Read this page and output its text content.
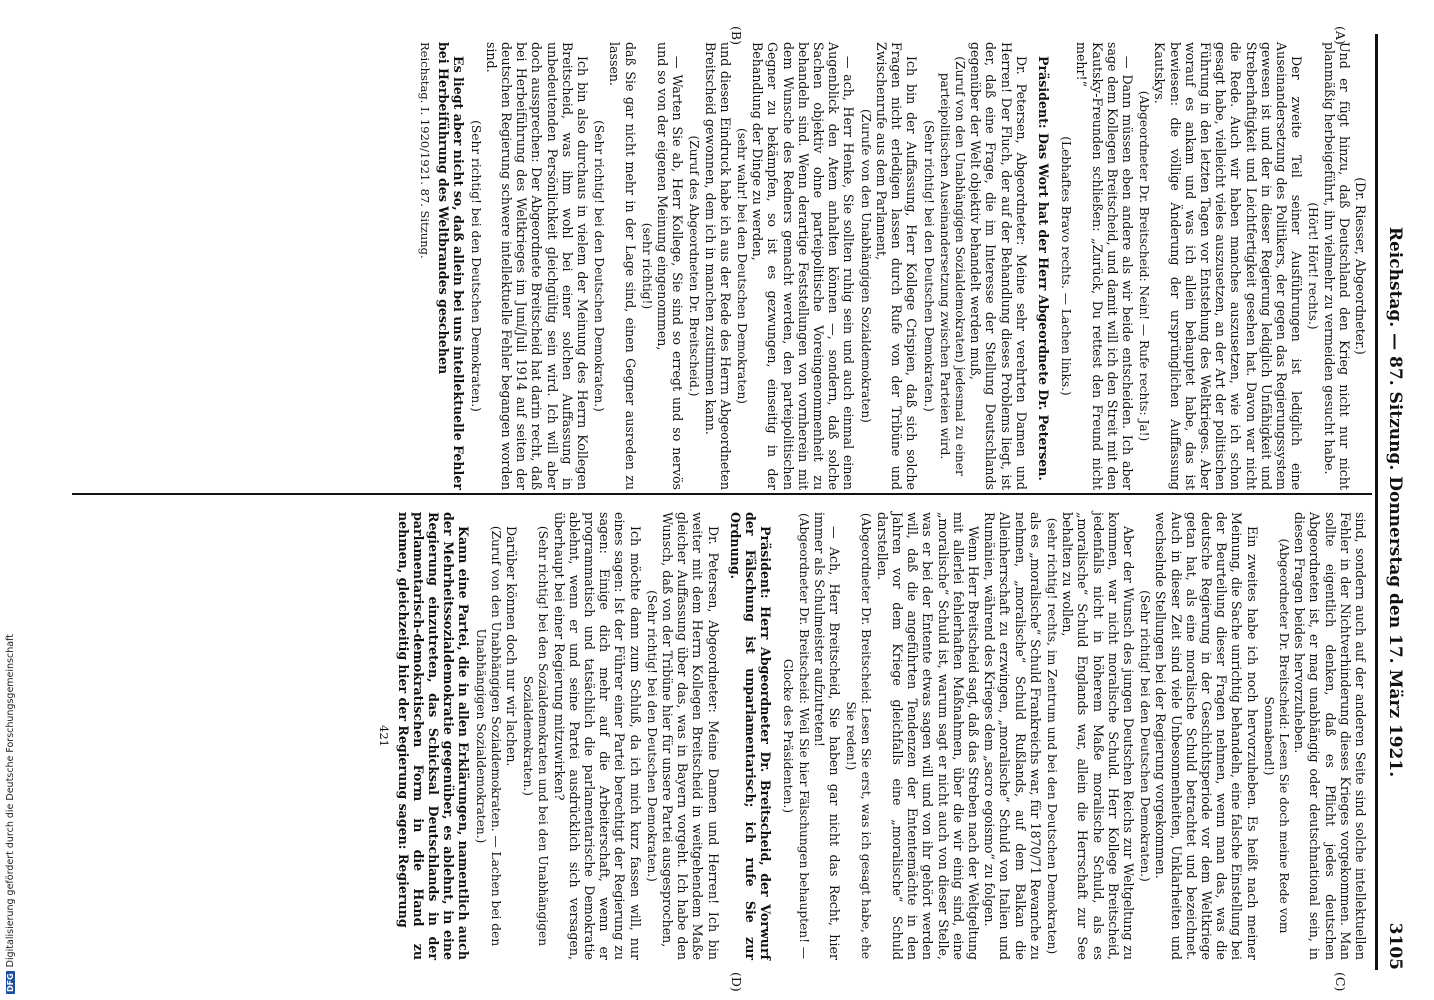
Reichstag. — 87. Sitzung. Donnerstag den 17. März 1921.
3105
(A)
(B)
(C)
(D)

(Dr. Riesser, Abgeordneter.)

Und er fügt hinzu, daß Deutschland den Krieg nicht nur nicht planmäßig herbeigeführt, ihn vielmehr zu vermeiden gesucht habe.

(Hört! Hört! rechts.)

Der zweite Teil seiner Ausführungen ist lediglich eine Auseinandersetzung des Politikers, der gegen das Regierungssystem gewesen ist und der in dieser Regierung lediglich Unfähigkeit und Streberhaftigkeit und Leichtfertigkeit gesehen hat. Davon war nicht die Rede. Auch wir haben manches auszusetzen, wie ich schon gesagt habe, vielleicht vieles auszusetzen, an der Art der politischen Führung in den letzten Tagen vor Entstehung des Weltkrieges. Aber worauf es ankam und was ich allein behauptet habe, das ist bewiesen: die völlige Änderung der ursprünglichen Auffassung Kautskys.

(Abgeordneter Dr. Breitscheid: Nein! — Rufe rechts: Ja!)

— Dann müssen eben andere als wir beide entscheiden. Ich aber sage dem Kollegen Breitscheid, und damit will ich den Streit mit den Kautsky-Freunden schließen: „Zurück, Du rettest den Freund nicht mehr!“

(Lebhaftes Bravo rechts. — Lachen links.)

Präsident: Das Wort hat der Herr Abgeordnete Dr. Petersen.

Dr. Petersen, Abgeordneter: Meine sehr verehrten Damen und Herren! Der Fluch, der auf der Behandlung dieses Problems liegt, ist der, daß eine Frage, die im Interesse der Stellung Deutschlands gegenüber der Welt objektiv behandelt werden muß,

(Zuruf von den Unabhängigen Sozialdemokraten) jedesmal zu einer parteipolitischen Auseinandersetzung zwischen Parteien wird.

(Sehr richtig! bei den Deutschen Demokraten.)

Ich bin der Auffassung, Herr Kollege Crispien, daß sich solche Fragen nicht erledigen lassen durch Rufe von der Tribüne und Zwischenrufe aus dem Parlament,

(Zurufe von den Unabhängigen Sozialdemokraten)

— ach, Herr Henke, Sie sollten ruhig sein und auch einmal einen Augenblick den Atem anhalten können —, sondern, daß solche Sachen objektiv ohne parteipolitische Voreingenommenheit zu behandeln sind. Wenn derartige Feststellungen von vornherein mit dem Wunsche des Redners gemacht werden, den parteipolitischen Gegner zu bekämpfen, so ist es gezwungen, einseitig in der Behandlung der Dinge zu werden,

(sehr wahr! bei den Deutschen Demokraten)

und diesen Eindruck habe ich aus der Rede des Herrn Abgeordneten Breitscheid gewonnen, dem ich in manchen zustimmen kann.

(Zuruf des Abgeordneten Dr. Breitscheid.)

— Warten Sie ab, Herr Kollege, Sie sind so erregt und so nervös und so von der eigenen Meinung eingenommen,

(sehr richtig!)

daß Sie gar nicht mehr in der Lage sind, einen Gegner ausreden zu lassen.

(Sehr richtig! bei den Deutschen Demokraten.)

Ich bin also durchaus in vielem der Meinung des Herrn Kollegen Breitscheid, was ihm wohl bei einer solchen Auffassung in unbedeutenden Persönlichkeit gleichgültig sein wird. Ich will aber doch aussprechen: Der Abgeordnete Breitscheid hat darin recht, daß bei Herbeiführung des Weltkrieges im Juni/Juli 1914 auf seiten der deutschen Regierung schwere intellektuelle Fehler begangen worden sind.

(Sehr richtig! bei den Deutschen Demokraten.)

Es liegt aber nicht so, daß allein bei uns intellektuelle Fehler bei Herbeiführung des Weltbrandes geschehen

Reichstag. I. 1920/1921. 87. Sitzung.

sind, sondern auch auf der anderen Seite sind solche intellektuellen Fehler in der Nichtverhinderung dieses Krieges vorgekommen. Man sollte eigentlich denken, daß es Pflicht jedes deutschen Abgeordneten ist, er mag unabhängig oder deutschnational sein, in diesen Fragen beides hervorzuheben.

(Abgeordneter Dr. Breitscheid: Lesen Sie doch meine Rede vom Sonnabend!)

Ein zweites habe ich noch hervorzuheben. Es heißt nach meiner Meinung, die Sache unrichtig behandeln, eine falsche Einstellung bei der Beurteilung dieser Fragen nehmen, wenn man das, was die deutsche Regierung in der Geschichtsperiode vor dem Weltkriege getan hat, als eine moralische Schuld betrachtet und bezeichnet. Auch in dieser Zeit sind viele Unbesonnenheiten, Unklarheiten und wechselnde Stellungen bei der Regierung vorgekommen.

(Sehr richtig! bei den Deutschen Demokraten.)

Aber der Wunsch des jungen Deutschen Reichs zur Weltgeltung zu kommen, war nicht moralische Schuld. Herr Kollege Breitscheid, jedenfalls nicht in höherem Maße moralische Schuld, als es „moralische“ Schuld Englands war, allein die Herrschaft zur See behalten zu wollen,

(sehr richtig! rechts, im Zentrum und bei den Deutschen Demokraten)

als es „moralische“ Schuld Frankreichs war, für 1870/71 Revanche zu nehmen, „moralische“ Schuld Rußlands, auf dem Balkan die Alleinherrschaft zu erzwingen, „moralische“ Schuld von Italien und Rumänien, während des Krieges dem „sacro egoismo“ zu folgen.

Wenn Herr Breitscheid sagt, daß das Streben nach der Weltgeltung mit allerlei fehlerhaften Maßnahmen, über die wir einig sind, eine „moralische“ Schuld ist, warum sagt er nicht auch von dieser Stelle, was er bei der Entente etwas sagen will und von ihr gehört werden will, daß die angeführten Tendenzen der Ententemächte in den Jahren vor dem Kriege gleichfalls eine „moralische“ Schuld darstellen.

(Abgeordneter Dr. Breitscheid: Lesen Sie erst, was ich gesagt habe, ehe Sie reden!)

— Ach, Herr Breitscheid, Sie haben gar nicht das Recht, hier immer als Schulmeister aufzutreten!

(Abgeordneter Dr. Breitscheid: Weil Sie hier Fälschungen behaupten! — Glocke des Präsidenten.)

Präsident: Herr Abgeordneter Dr. Breitscheid, der Vorwurf der Fälschung ist unparlamentarisch; ich rufe Sie zur Ordnung.

Dr. Petersen, Abgeordneter: Meine Damen und Herren! Ich bin weiter mit dem Herrn Kollegen Breitscheid in weitgehendem Maße gleicher Auffassung über das, was in Bayern vorgeht. Ich habe den Wunsch, daß von der Tribüne hier für unsere Partei ausgesprochen,

(Sehr richtig! bei den Deutschen Demokraten.)

Ich möchte dann zum Schluß, da ich mich kurz fassen will, nur eines sagen: Ist der Führer einer Partei berechtigt der Regierung zu sagen: Einige dich mehr auf die Arbeiterschaft, wenn er programmatisch und tatsächlich die parlamentarische Demokratie ablehnt, wenn er und seine Partei ausdrücklich sich versagen, überhaupt bei einer Regierung mitzuwirken?

(Sehr richtig! bei den Sozialdemokraten und bei den Unabhängigen Sozialdemokraten.)

Darüber können doch nur wir lachen.

(Zuruf von den Unabhängigen Sozialdemokraten. — Lachen bei den Unabhängigen Sozialdemokraten.)

Kann eine Partei, die in allen Erklärungen, namentlich auch der Mehrheitssozialdemokratie gegenüber, es ablehnt, in eine Regierung einzutreten, das Schicksal Deutschlands in der parlamentarisch-demokratischen Form in die Hand zu nehmen, gleichzeitig hier der Regierung sagen: Regierung

421

DFGDigitalisierung gefördert durch die Deutsche Forschungsgemeinschaft
